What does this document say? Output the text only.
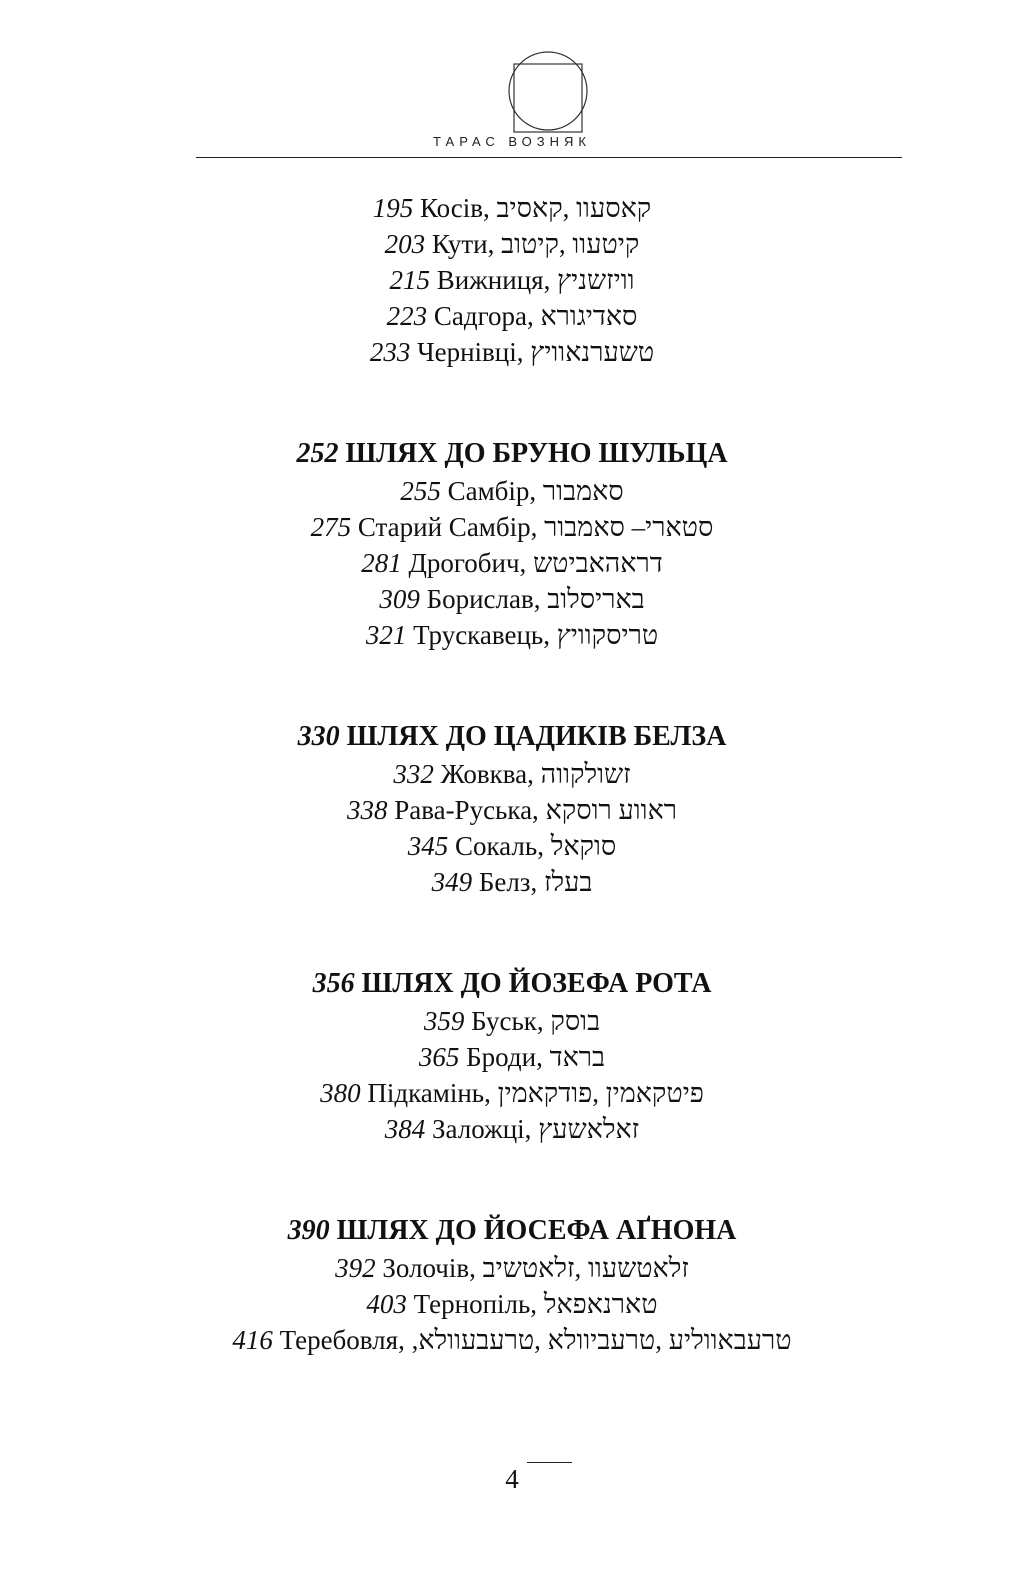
ТАРАС ВОЗНЯК
195 Косів, קאסעוו ,קאסיב
203 Кути, קיטעוו ,קיטוב
215 Вижниця, וויזשניץ
223 Садгора, סאדיגורא
233 Чернівці, טשערנאוויץ
252 ШЛЯХ ДО БРУНО ШУЛЬЦА
255 Самбір, סאמבור
275 Старий Самбір, סטארי– סאמבור
281 Дрогобич, דראהאביטש
309 Борислав, באריסלוב
321 Трускавець, טריסקוויץ
330 ШЛЯХ ДО ЦАДИКІВ БЕЛЗА
332 Жовква, זשולקווה
338 Рава-Руська, ראווע רוסקא
345 Сокаль, סוקאל
349 Белз, בעלז
356 ШЛЯХ ДО ЙОЗЕФА РОТА
359 Буськ, בוסק
365 Броди, בראד
380 Підкамінь, פיטקאמין ,פודקאמין
384 Заложці, זאלאשעץ
390 ШЛЯХ ДО ЙОСЕФА АҐНОНА
392 Золочів, זלאטשעוו ,זלאטשיב
403 Тернопіль, טארנאפאל
416 Теребовля, טרעבאווליע ,טרעביוולא ,טרעבעוולא,
4
